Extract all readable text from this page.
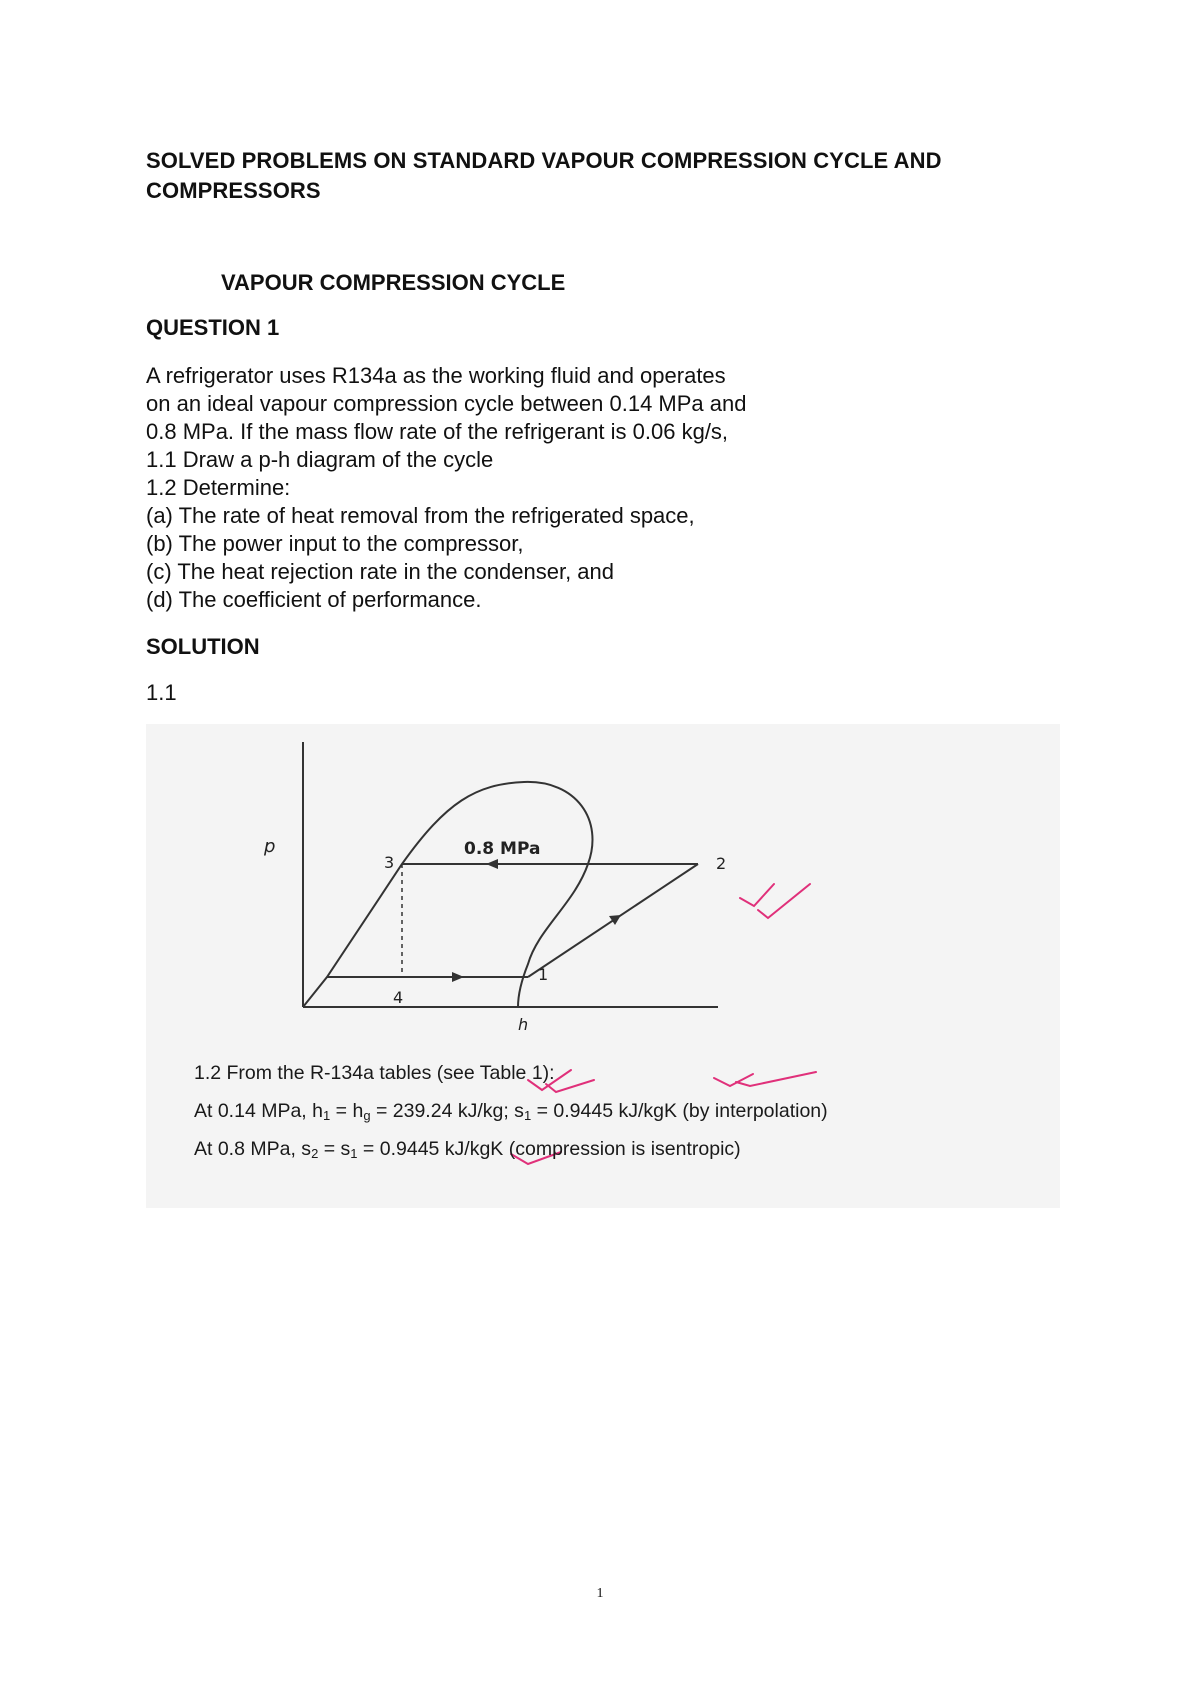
SOLVED PROBLEMS ON STANDARD VAPOUR COMPRESSION CYCLE AND COMPRESSORS
VAPOUR COMPRESSION CYCLE
QUESTION 1
A refrigerator uses R134a as the working fluid and operates
on an ideal vapour compression cycle between 0.14 MPa and
0.8 MPa. If the mass flow rate of the refrigerant is 0.06 kg/s,
1.1 Draw a p-h diagram of the cycle
1.2 Determine:
(a) The rate of heat removal from the refrigerated space,
(b) The power input to the compressor,
(c) The heat rejection rate in the condenser, and
(d) The coefficient of performance.
SOLUTION
1.1
p
h
0.8 MPa
3	2
4
1
1.2 From the R-134a tables (see Table 1):
At 0.14 MPa, $h_1 = h_g = 239.24$ kJ/kg; $s_1 = 0.9445$ kJ/kgK (by interpolation)
At 0.8 MPa, $s_2 = s_1 = 0.9445$ kJ/kgK (compression is isentropic)
1
